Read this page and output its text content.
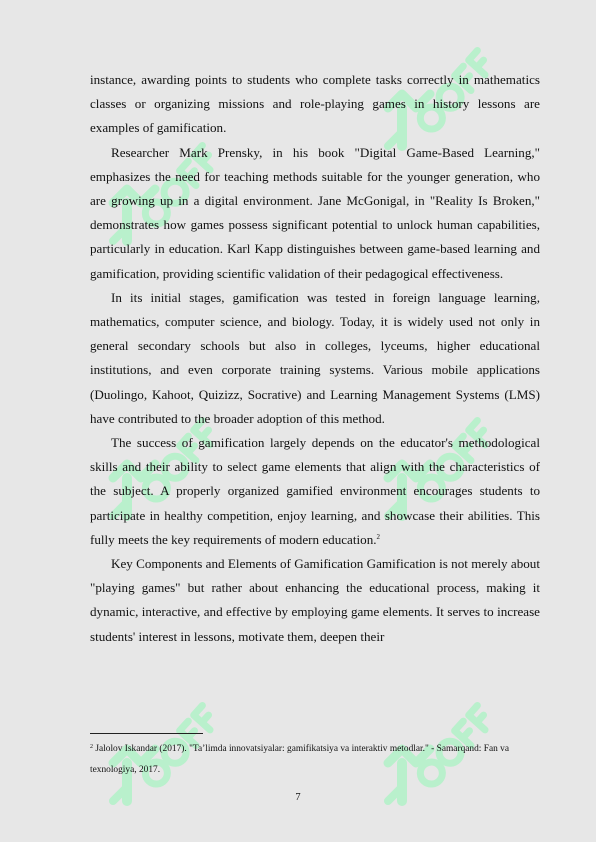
instance, awarding points to students who complete tasks correctly in mathematics classes or organizing missions and role-playing games in history lessons are examples of gamification.

Researcher Mark Prensky, in his book "Digital Game-Based Learning," emphasizes the need for teaching methods suitable for the younger generation, who are growing up in a digital environment. Jane McGonigal, in "Reality Is Broken," demonstrates how games possess significant potential to unlock human capabilities, particularly in education. Karl Kapp distinguishes between game-based learning and gamification, providing scientific validation of their pedagogical effectiveness.

In its initial stages, gamification was tested in foreign language learning, mathematics, computer science, and biology. Today, it is widely used not only in general secondary schools but also in colleges, lyceums, higher educational institutions, and even corporate training systems. Various mobile applications (Duolingo, Kahoot, Quizizz, Socrative) and Learning Management Systems (LMS) have contributed to the broader adoption of this method.

The success of gamification largely depends on the educator's methodological skills and their ability to select game elements that align with the characteristics of the subject. A properly organized gamified environment encourages students to participate in healthy competition, enjoy learning, and showcase their abilities. This fully meets the key requirements of modern education.$^2$

Key Components and Elements of Gamification Gamification is not merely about "playing games" but rather about enhancing the educational process, making it dynamic, interactive, and effective by employing game elements. It serves to increase students' interest in lessons, motivate them, deepen their

$^2$ Jalolov Iskandar (2017). "Ta’limda innovatsiyalar: gamifikatsiya va interaktiv metodlar." - Samarqand: Fan va texnologiya, 2017.
7
